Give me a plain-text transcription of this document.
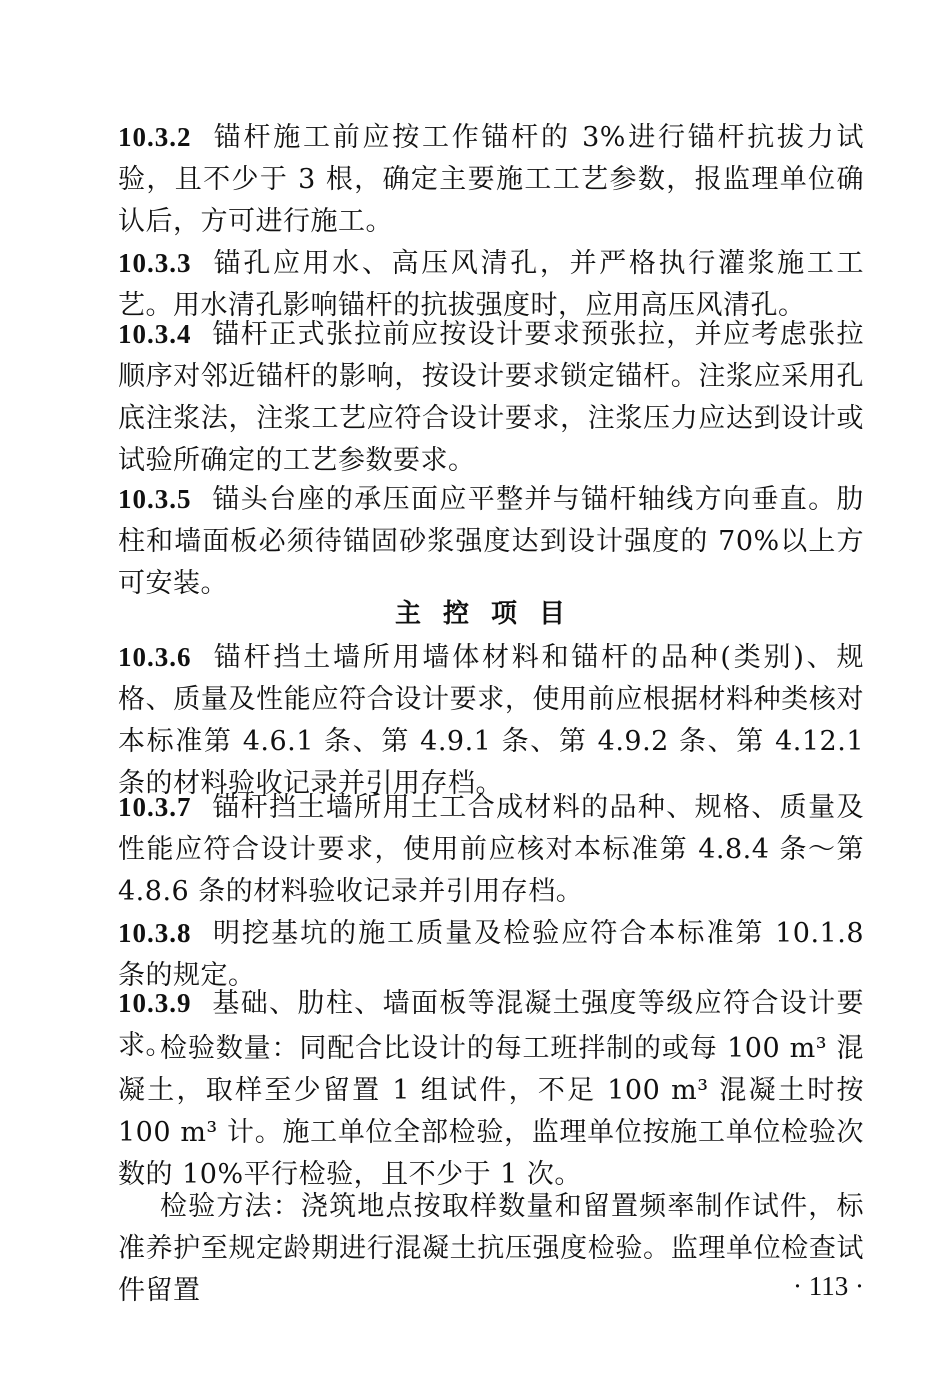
10.3.2 锚杆施工前应按工作锚杆的 3%进行锚杆抗拔力试验，且不少于 3 根，确定主要施工工艺参数，报监理单位确认后，方可进行施工。
10.3.3 锚孔应用水、高压风清孔，并严格执行灌浆施工工艺。用水清孔影响锚杆的抗拔强度时，应用高压风清孔。
10.3.4 锚杆正式张拉前应按设计要求预张拉，并应考虑张拉顺序对邻近锚杆的影响，按设计要求锁定锚杆。注浆应采用孔底注浆法，注浆工艺应符合设计要求，注浆压力应达到设计或试验所确定的工艺参数要求。
10.3.5 锚头台座的承压面应平整并与锚杆轴线方向垂直。肋柱和墙面板必须待锚固砂浆强度达到设计强度的 70%以上方可安装。
主控项目
10.3.6 锚杆挡土墙所用墙体材料和锚杆的品种(类别)、规格、质量及性能应符合设计要求，使用前应根据材料种类核对本标准第 4.6.1 条、第 4.9.1 条、第 4.9.2 条、第 4.12.1 条的材料验收记录并引用存档。
10.3.7 锚杆挡土墙所用土工合成材料的品种、规格、质量及性能应符合设计要求，使用前应核对本标准第 4.8.4 条～第 4.8.6 条的材料验收记录并引用存档。
10.3.8 明挖基坑的施工质量及检验应符合本标准第 10.1.8 条的规定。
10.3.9 基础、肋柱、墙面板等混凝土强度等级应符合设计要求。
检验数量：同配合比设计的每工班拌制的或每 100 m³ 混凝土，取样至少留置 1 组试件，不足 100 m³ 混凝土时按 100 m³ 计。施工单位全部检验，监理单位按施工单位检验次数的 10%平行检验，且不少于 1 次。
检验方法：浇筑地点按取样数量和留置频率制作试件，标准养护至规定龄期进行混凝土抗压强度检验。监理单位检查试件留置	· 113 ·
